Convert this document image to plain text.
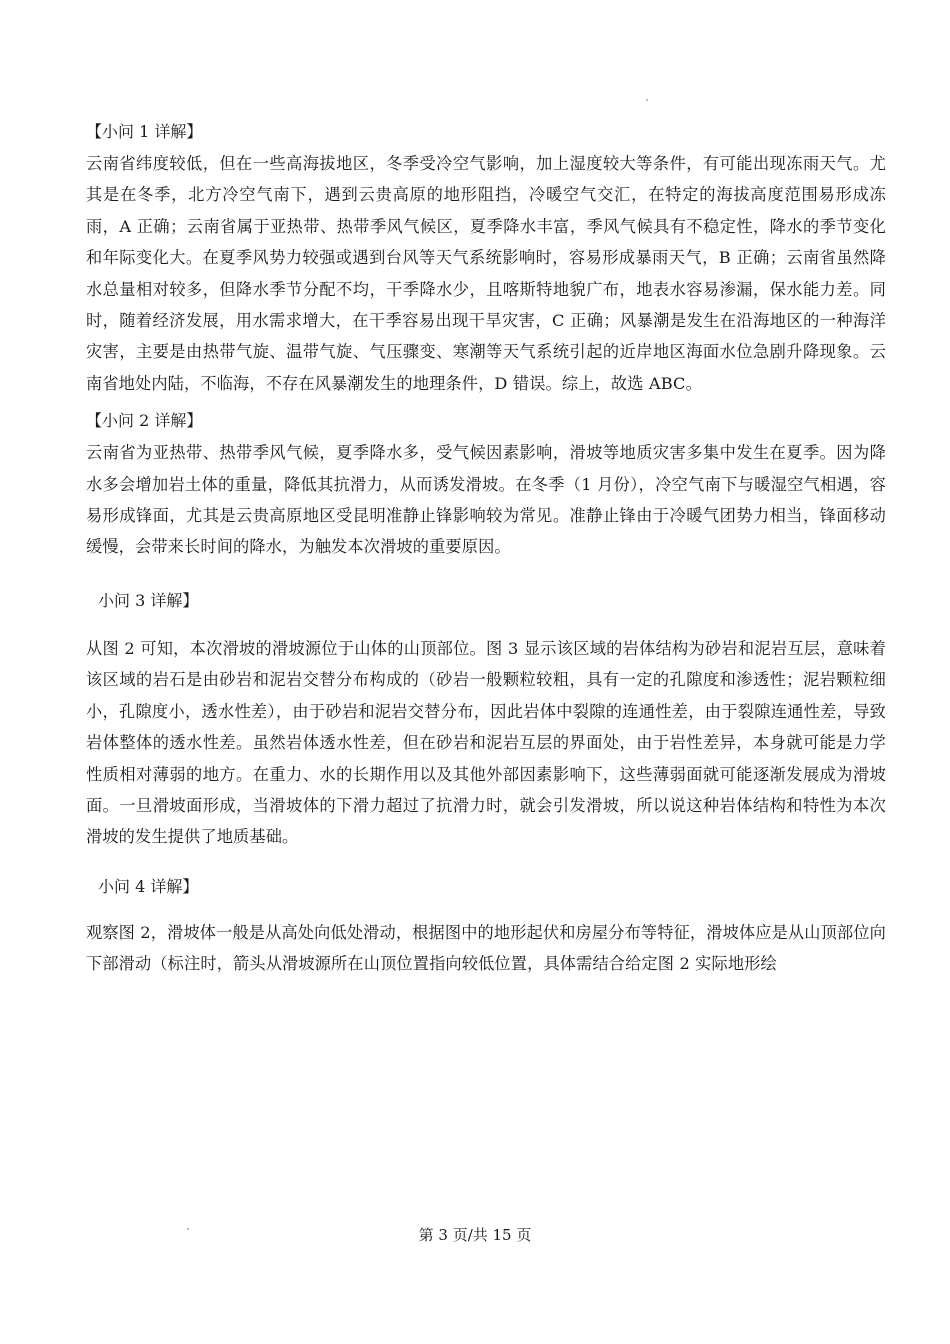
【小问 1 详解】

云南省纬度较低，但在一些高海拔地区，冬季受冷空气影响，加上湿度较大等条件，有可能出现冻雨天气。尤其是在冬季，北方冷空气南下，遇到云贵高原的地形阻挡，冷暖空气交汇，在特定的海拔高度范围易形成冻雨，A 正确；云南省属于亚热带、热带季风气候区，夏季降水丰富，季风气候具有不稳定性，降水的季节变化和年际变化大。在夏季风势力较强或遇到台风等天气系统影响时，容易形成暴雨天气，B 正确；云南省虽然降水总量相对较多，但降水季节分配不均，干季降水少，且喀斯特地貌广布，地表水容易渗漏，保水能力差。同时，随着经济发展，用水需求增大，在干季容易出现干旱灾害，C 正确；风暴潮是发生在沿海地区的一种海洋灾害，主要是由热带气旋、温带气旋、气压骤变、寒潮等天气系统引起的近岸地区海面水位急剧升降现象。云南省地处内陆，不临海，不存在风暴潮发生的地理条件，D 错误。综上，故选 ABC。

【小问 2 详解】

云南省为亚热带、热带季风气候，夏季降水多，受气候因素影响，滑坡等地质灾害多集中发生在夏季。因为降水多会增加岩土体的重量，降低其抗滑力，从而诱发滑坡。在冬季（1 月份），冷空气南下与暖湿空气相遇，容易形成锋面，尤其是云贵高原地区受昆明准静止锋影响较为常见。准静止锋由于冷暖气团势力相当，锋面移动缓慢，会带来长时间的降水，为触发本次滑坡的重要原因。

小问 3 详解】

从图 2 可知，本次滑坡的滑坡源位于山体的山顶部位。图 3 显示该区域的岩体结构为砂岩和泥岩互层，意味着该区域的岩石是由砂岩和泥岩交替分布构成的（砂岩一般颗粒较粗，具有一定的孔隙度和渗透性；泥岩颗粒细小，孔隙度小，透水性差），由于砂岩和泥岩交替分布，因此岩体中裂隙的连通性差，由于裂隙连通性差，导致岩体整体的透水性差。虽然岩体透水性差，但在砂岩和泥岩互层的界面处，由于岩性差异，本身就可能是力学性质相对薄弱的地方。在重力、水的长期作用以及其他外部因素影响下，这些薄弱面就可能逐渐发展成为滑坡面。一旦滑坡面形成，当滑坡体的下滑力超过了抗滑力时，就会引发滑坡，所以说这种岩体结构和特性为本次滑坡的发生提供了地质基础。

小问 4 详解】

观察图 2，滑坡体一般是从高处向低处滑动，根据图中的地形起伏和房屋分布等特征，滑坡体应是从山顶部位向下部滑动（标注时，箭头从滑坡源所在山顶位置指向较低位置，具体需结合给定图 2 实际地形绘

第 3 页/共 15 页
